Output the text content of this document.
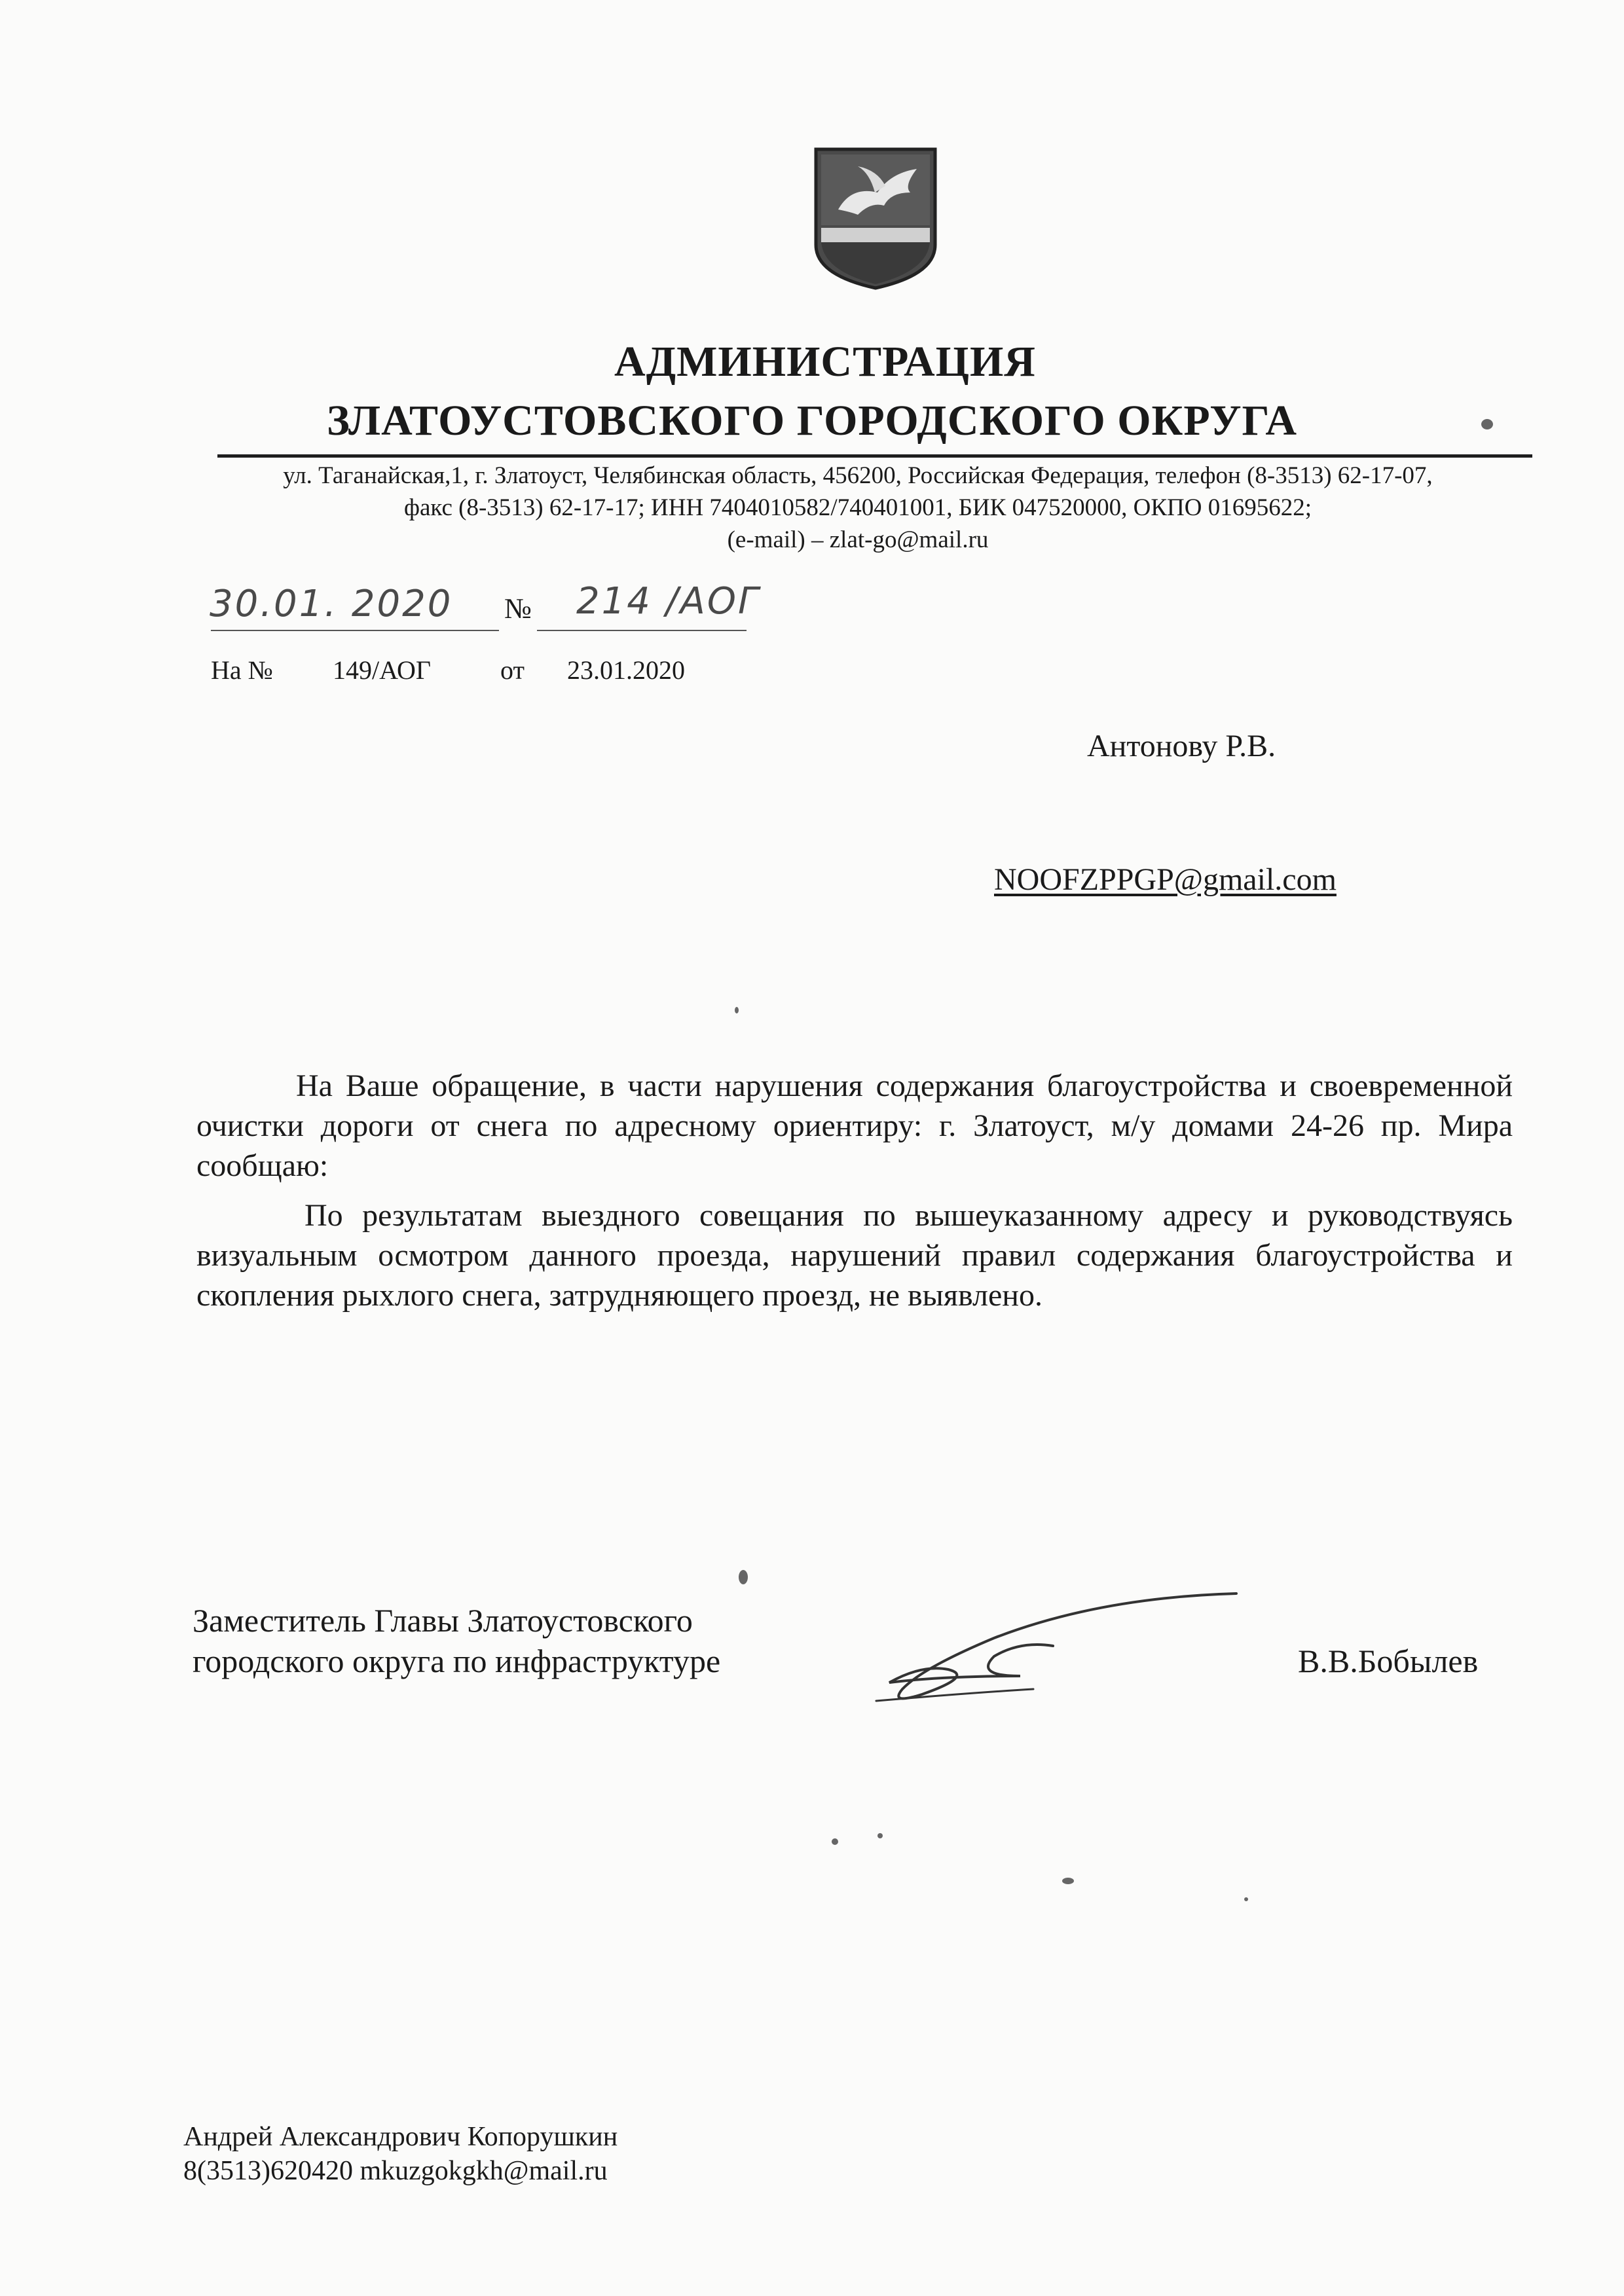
АДМИНИСТРАЦИЯ
ЗЛАТОУСТОВСКОГО ГОРОДСКОГО ОКРУГА
ул. Таганайская,1, г. Златоуст, Челябинская область, 456200, Российская Федерация, телефон (8-3513) 62-17-07,
факс (8-3513) 62-17-17; ИНН 7404010582/740401001, БИК 047520000, ОКПО 01695622;
(e-mail) – zlat-go@mail.ru
30.01. 2020 № 214 /АОГ
На № 149/АОГ	от 23.01.2020
Антонову Р.В.
NOOFZPPGP@gmail.com

На Ваше обращение, в части нарушения содержания благоустройства и своевременной очистки дороги от снега по адресному ориентиру: г. Златоуст, м/у домами 24-26 пр. Мира сообщаю:

По результатам выездного совещания по вышеуказанному адресу и руководствуясь визуальным осмотром данного проезда, нарушений правил содержания благоустройства и скопления рыхлого снега, затрудняющего проезд, не выявлено.

Заместитель Главы Златоустовского
городского округа по инфраструктуре	В.В.Бобылев
Андрей Александрович Копорушкин
8(3513)620420 mkuzgokgkh@mail.ru
